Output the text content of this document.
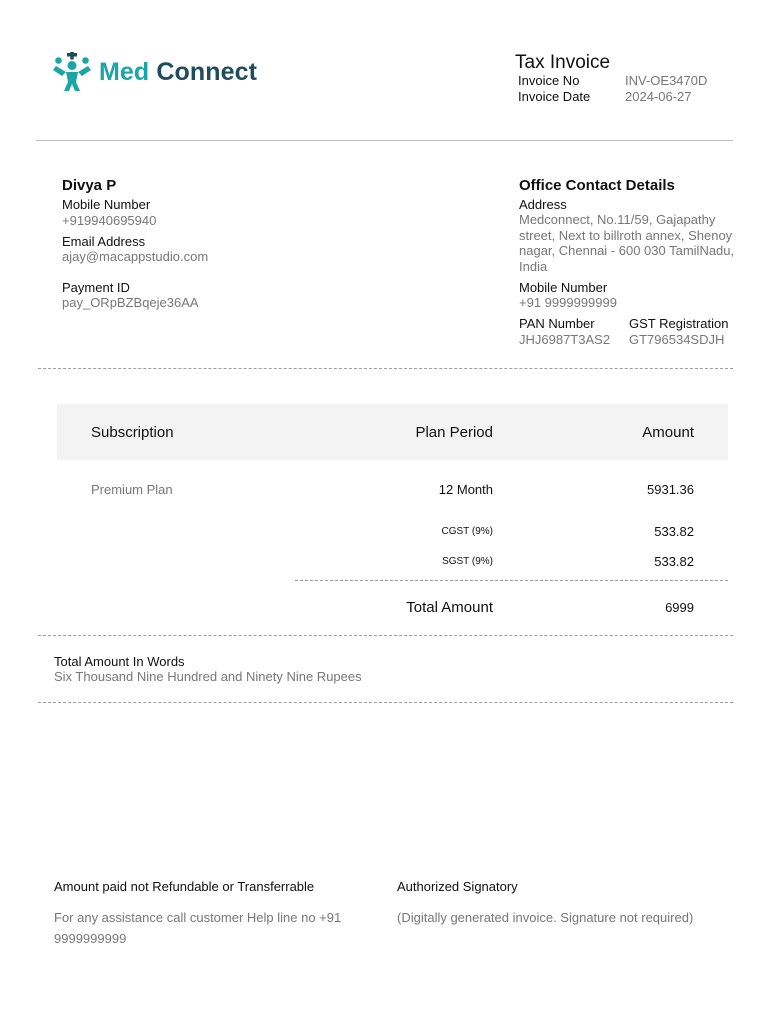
Med Connect	Tax Invoice
Invoice No	INV-OE3470D
Invoice Date	2024-06-27
Divya P
Mobile Number
+919940695940
Email Address
ajay@macappstudio.com
Payment ID
pay_ORpBZBqeje36AA
Office Contact Details
Address
Medconnect, No.11/59, Gajapathy street, Next to billroth annex, Shenoy nagar, Chennai - 600 030 TamilNadu, India
Mobile Number
+91 9999999999
PAN Number
JHJ6987T3AS2
GST Registration
GT796534SDJH
Subscription	Plan Period	Amount
Premium Plan	12 Month	5931.36
CGST (9%)	533.82
SGST (9%)	533.82
Total Amount	6999
Total Amount In Words
Six Thousand Nine Hundred and Ninety Nine Rupees
Amount paid not Refundable or Transferrable
For any assistance call customer Help line no +91 9999999999
Authorized Signatory
(Digitally generated invoice. Signature not required)
